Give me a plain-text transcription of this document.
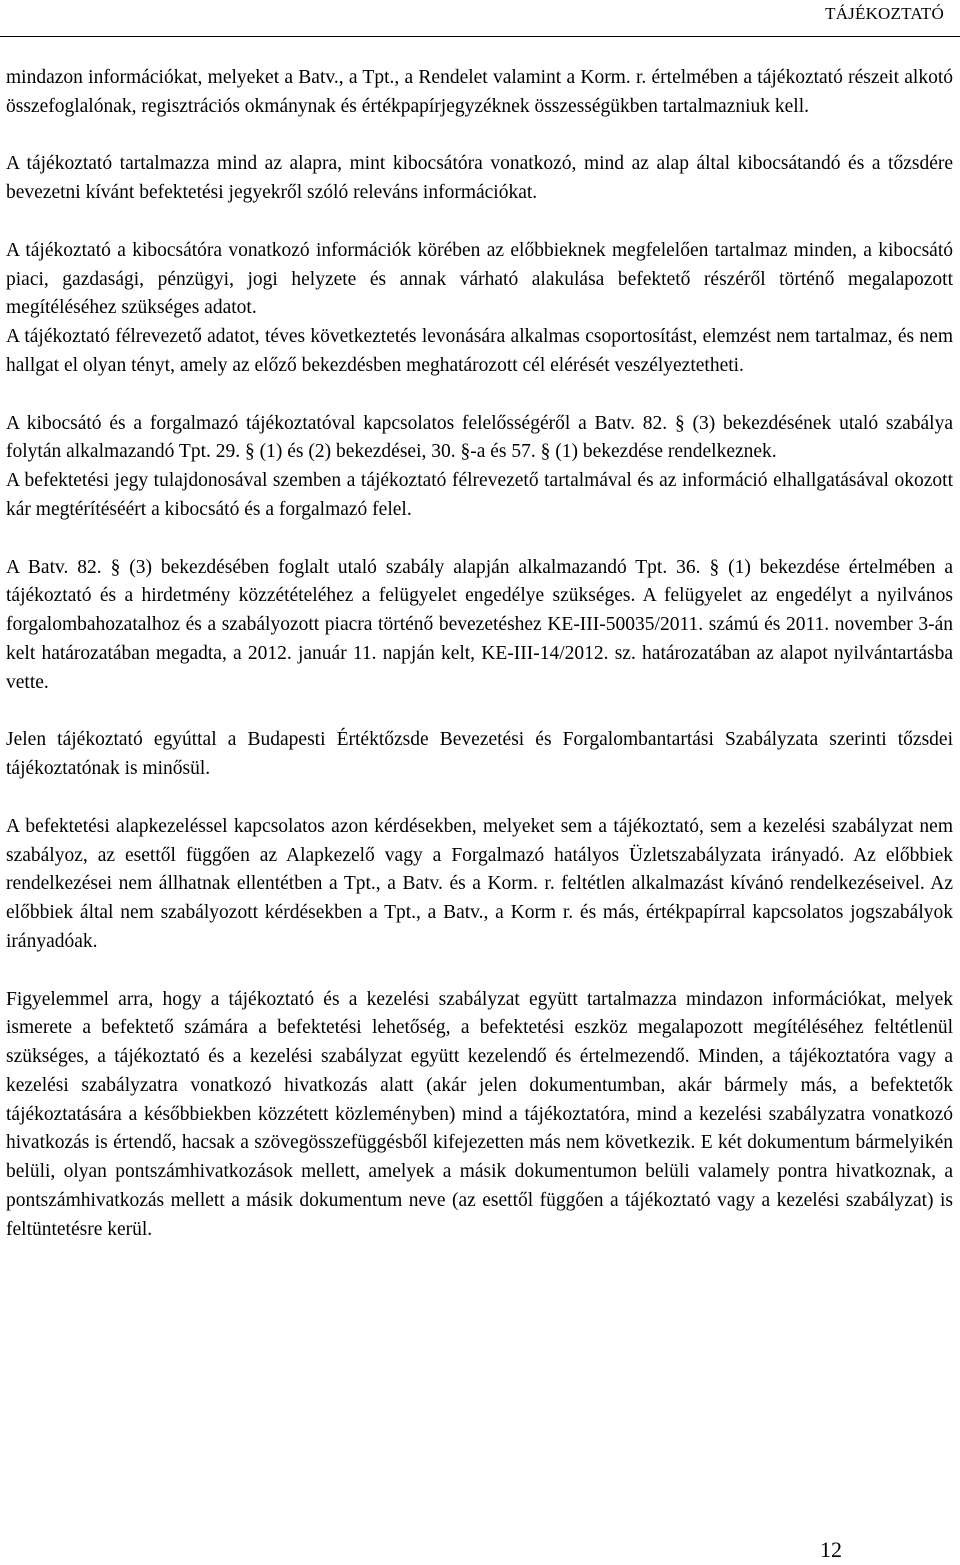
TÁJÉKOZTATÓ

mindazon információkat, melyeket a Batv., a Tpt., a Rendelet valamint a Korm. r. értelmében a tájékoztató részeit alkotó összefoglalónak, regisztrációs okmánynak és értékpapírjegyzéknek összességükben tartalmazniuk kell.

A tájékoztató tartalmazza mind az alapra, mint kibocsátóra vonatkozó, mind az alap által kibocsátandó és a tőzsdére bevezetni kívánt befektetési jegyekről szóló releváns információkat.

A tájékoztató a kibocsátóra vonatkozó információk körében az előbbieknek megfelelően tartalmaz minden, a kibocsátó piaci, gazdasági, pénzügyi, jogi helyzete és annak várható alakulása befektető részéről történő megalapozott megítéléséhez szükséges adatot.

A tájékoztató félrevezető adatot, téves következtetés levonására alkalmas csoportosítást, elemzést nem tartalmaz, és nem hallgat el olyan tényt, amely az előző bekezdésben meghatározott cél elérését veszélyeztetheti.

A kibocsátó és a forgalmazó tájékoztatóval kapcsolatos felelősségéről a Batv. 82. § (3) bekezdésének utaló szabálya folytán alkalmazandó Tpt. 29. § (1) és (2) bekezdései, 30. §-a és 57. § (1) bekezdése rendelkeznek.

A befektetési jegy tulajdonosával szemben a tájékoztató félrevezető tartalmával és az információ elhallgatásával okozott kár megtérítéséért a kibocsátó és a forgalmazó felel.

A Batv. 82. § (3) bekezdésében foglalt utaló szabály alapján alkalmazandó Tpt. 36. § (1) bekezdése értelmében a tájékoztató és a hirdetmény közzétételéhez a felügyelet engedélye szükséges. A felügyelet az engedélyt a nyilvános forgalombahozatalhoz és a szabályozott piacra történő bevezetéshez KE-III-50035/2011. számú és 2011. november 3-án kelt határozatában megadta, a 2012. január 11. napján kelt, KE-III-14/2012. sz. határozatában az alapot nyilvántartásba vette.

Jelen tájékoztató egyúttal a Budapesti Értéktőzsde Bevezetési és Forgalombantartási Szabályzata szerinti tőzsdei tájékoztatónak is minősül.

A befektetési alapkezeléssel kapcsolatos azon kérdésekben, melyeket sem a tájékoztató, sem a kezelési szabályzat nem szabályoz, az esettől függően az Alapkezelő vagy a Forgalmazó hatályos Üzletszabályzata irányadó. Az előbbiek rendelkezései nem állhatnak ellentétben a Tpt., a Batv. és a Korm. r. feltétlen alkalmazást kívánó rendelkezéseivel. Az előbbiek által nem szabályozott kérdésekben a Tpt., a Batv., a Korm r. és más, értékpapírral kapcsolatos jogszabályok irányadóak.

Figyelemmel arra, hogy a tájékoztató és a kezelési szabályzat együtt tartalmazza mindazon információkat, melyek ismerete a befektető számára a befektetési lehetőség, a befektetési eszköz megalapozott megítéléséhez feltétlenül szükséges, a tájékoztató és a kezelési szabályzat együtt kezelendő és értelmezendő. Minden, a tájékoztatóra vagy a kezelési szabályzatra vonatkozó hivatkozás alatt (akár jelen dokumentumban, akár bármely más, a befektetők tájékoztatására a későbbiekben közzétett közleményben) mind a tájékoztatóra, mind a kezelési szabályzatra vonatkozó hivatkozás is értendő, hacsak a szövegösszefüggésből kifejezetten más nem következik. E két dokumentum bármelyikén belüli, olyan pontszámhivatkozások mellett, amelyek a másik dokumentumon belüli valamely pontra hivatkoznak, a pontszámhivatkozás mellett a másik dokumentum neve (az esettől függően a tájékoztató vagy a kezelési szabályzat) is feltüntetésre kerül.

12
